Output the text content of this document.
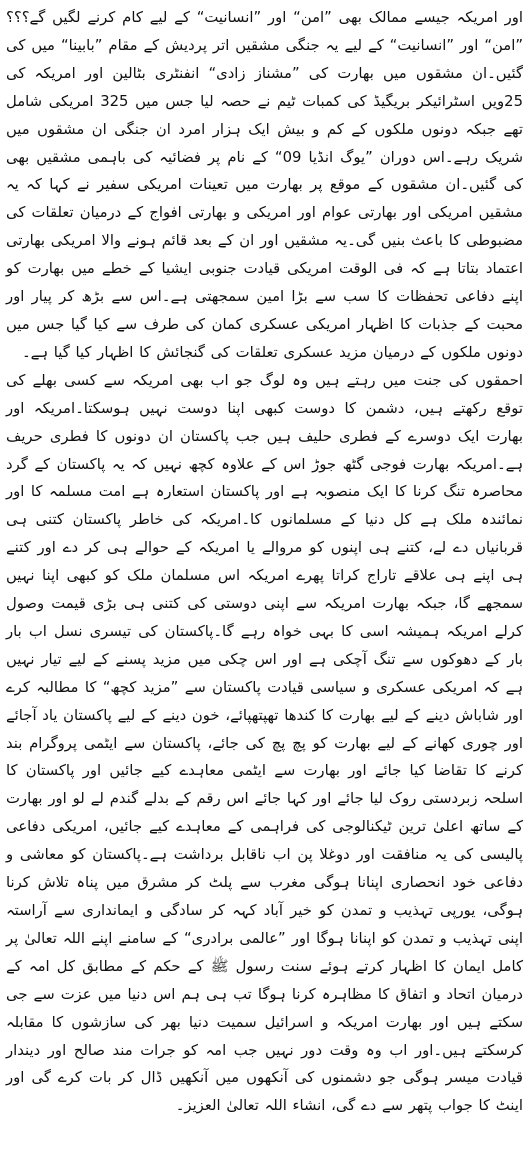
اور امریکہ جیسے ممالک بھی ”امن“ اور ”انسانیت“ کے لیے کام کرنے لگیں گے؟؟؟ ”امن“ اور ”انسانیت“ کے لیے یہ جنگی مشقیں اتر پردیش کے مقام ”بابینا“ میں کی گئیں۔ان مشقوں میں بھارت کی ”مشناز زادی“ انفنٹری بٹالین اور امریکہ کی 25ویں اسٹرائیکر بریگیڈ کی کمبات ٹیم نے حصہ لیا جس میں 325 امریکی شامل تھے جبکہ دونوں ملکوں کے کم و بیش ایک ہزار امرد ان جنگی ان مشقوں میں شریک رہے۔اس دوران ”یوگ انڈیا 09“ کے نام پر فضائیہ کی باہمی مشقیں بھی کی گئیں۔ان مشقوں کے موقع پر بھارت میں تعینات امریکی سفیر نے کہا کہ یہ مشقیں امریکی اور بھارتی عوام اور امریکی و بھارتی افواج کے درمیان تعلقات کی مضبوطی کا باعث بنیں گی۔یہ مشقیں اور ان کے بعد قائم ہونے والا امریکی بھارتی اعتماد بتاتا ہے کہ فی الوقت امریکی قیادت جنوبی ایشیا کے خطے میں بھارت کو اپنے دفاعی تحفظات کا سب سے بڑا امین سمجھتی ہے۔اس سے بڑھ کر پیار اور محبت کے جذبات کا اظہار امریکی عسکری کمان کی طرف سے کیا گیا جس میں دونوں ملکوں کے درمیان مزید عسکری تعلقات کی گنجائش کا اظہار کیا گیا ہے۔

احمقوں کی جنت میں رہتے ہیں وہ لوگ جو اب بھی امریکہ سے کسی بھلے کی توقع رکھتے ہیں، دشمن کا دوست کبھی اپنا دوست نہیں ہوسکتا۔امریکہ اور بھارت ایک دوسرے کے فطری حلیف ہیں جب پاکستان ان دونوں کا فطری حریف ہے۔امریکہ بھارت فوجی گٹھ جوڑ اس کے علاوہ کچھ نہیں کہ یہ پاکستان کے گرد محاصرہ تنگ کرنا کا ایک منصوبہ ہے اور پاکستان استعارہ ہے امت مسلمہ کا اور نمائندہ ملک ہے کل دنیا کے مسلمانوں کا۔امریکہ کی خاطر پاکستان کتنی ہی قربانیاں دے لے، کتنے ہی اپنوں کو مروالے یا امریکہ کے حوالے ہی کر دے اور کتنے ہی اپنے ہی علاقے تاراج کراتا پھرے امریکہ اس مسلمان ملک کو کبھی اپنا نہیں سمجھے گا، جبکہ بھارت امریکہ سے اپنی دوستی کی کتنی ہی بڑی قیمت وصول کرلے امریکہ ہمیشہ اسی کا بہی خواہ رہے گا۔پاکستان کی تیسری نسل اب بار بار کے دھوکوں سے تنگ آچکی ہے اور اس چکی میں مزید پسنے کے لیے تیار نہیں ہے کہ امریکی عسکری و سیاسی قیادت پاکستان سے ”مزید کچھ“ کا مطالبہ کرے اور شاباش دینے کے لیے بھارت کا کندھا تھپتھپائے، خون دینے کے لیے پاکستان یاد آجائے اور چوری کھانے کے لیے بھارت کو پچ پچ کی جائے، پاکستان سے ایٹمی پروگرام بند کرنے کا تقاضا کیا جائے اور بھارت سے ایٹمی معاہدے کیے جائیں اور پاکستان کا اسلحہ زبردستی روک لیا جائے اور کہا جائے اس رقم کے بدلے گندم لے لو اور بھارت کے ساتھ اعلیٰ ترین ٹیکنالوجی کی فراہمی کے معاہدے کیے جائیں، امریکی دفاعی پالیسی کی یہ منافقت اور دوغلا پن اب ناقابل برداشت ہے۔پاکستان کو معاشی و دفاعی خود انحصاری اپنانا ہوگی مغرب سے پلٹ کر مشرق میں پناہ تلاش کرنا ہوگی، یورپی تہذیب و تمدن کو خیر آباد کہہ کر سادگی و ایمانداری سے آراستہ اپنی تہذیب و تمدن کو اپنانا ہوگا اور ”عالمی برادری“ کے سامنے اپنے اللہ تعالیٰ پر کامل ایمان کا اظہار کرتے ہوئے سنت رسول ﷺ کے حکم کے مطابق کل امہ کے درمیان اتحاد و اتفاق کا مظاہرہ کرنا ہوگا تب ہی ہم اس دنیا میں عزت سے جی سکتے ہیں اور بھارت امریکہ و اسرائیل سمیت دنیا بھر کی سازشوں کا مقابلہ کرسکتے ہیں۔اور اب وہ وقت دور نہیں جب امہ کو جرات مند صالح اور دیندار قیادت میسر ہوگی جو دشمنوں کی آنکھوں میں آنکھیں ڈال کر بات کرے گی اور اینٹ کا جواب پتھر سے دے گی، انشاء اللہ تعالیٰ العزیز۔
